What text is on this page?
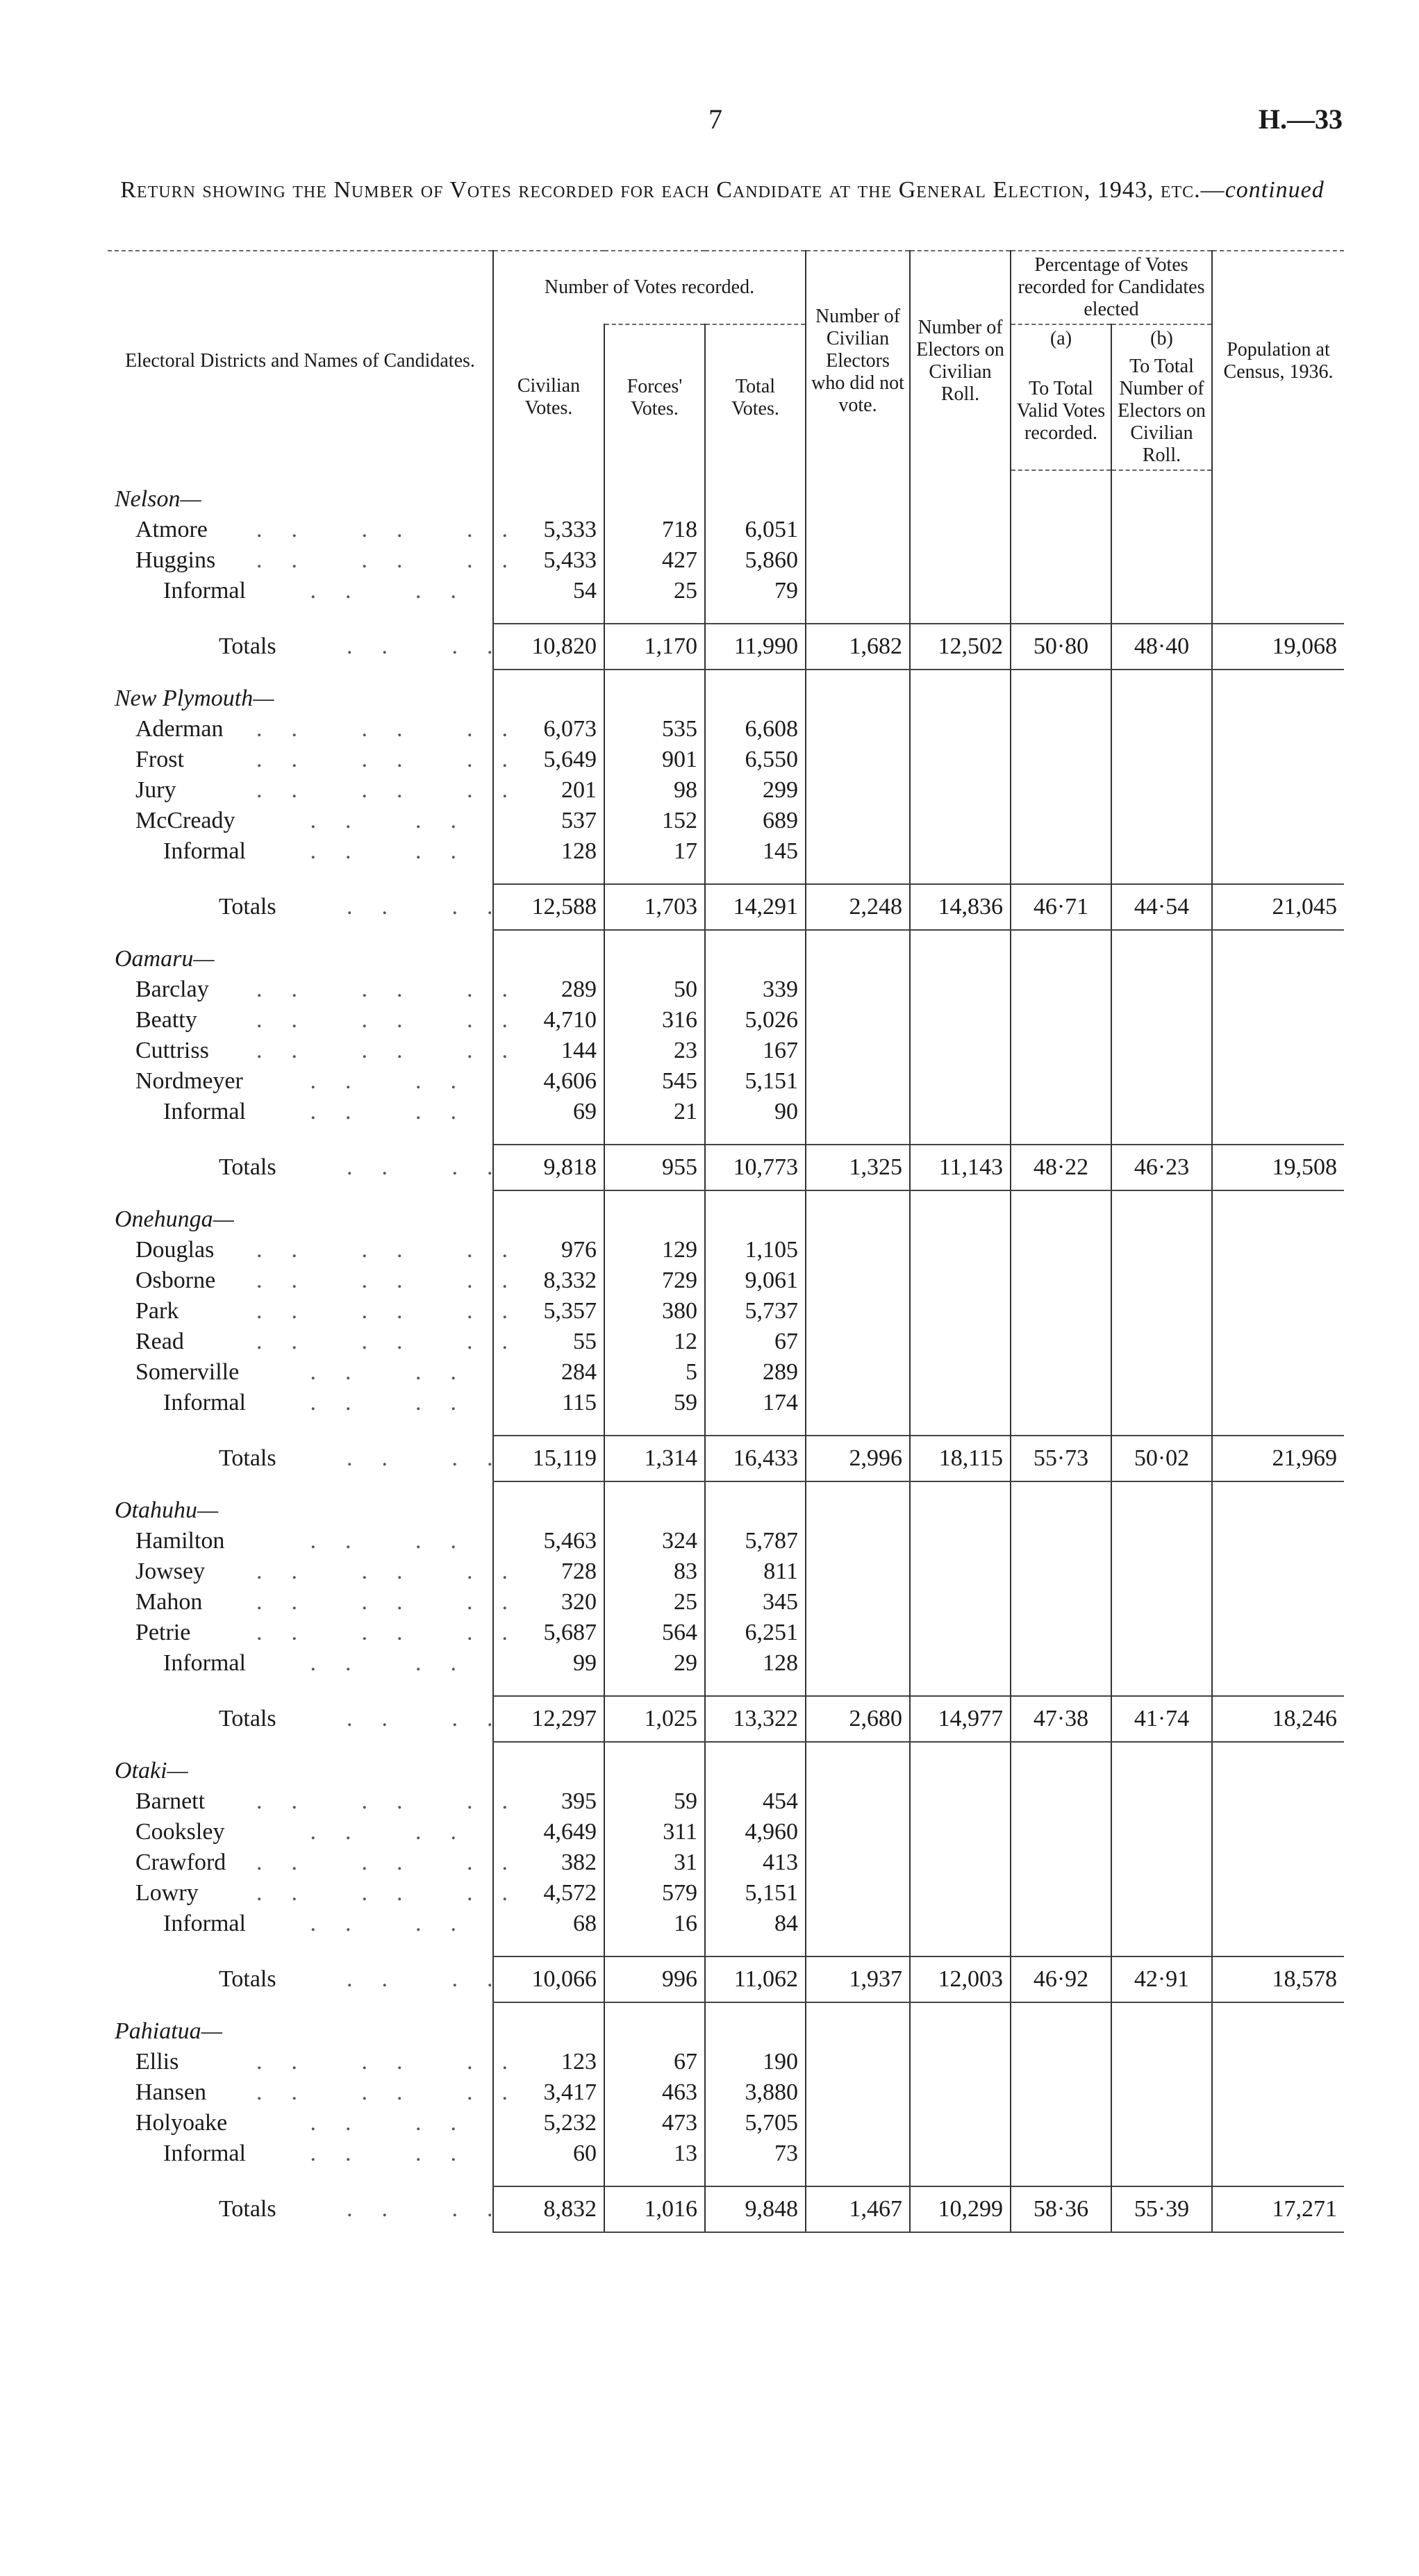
7	H.—33
Return showing the Number of Votes recorded for each Candidate at the General Election, 1943, etc.—continued
Electoral Districts and Names of Candidates.	Number of Votes recorded.			Number of Civilian Electors who did not vote.	Number of Electors on Civilian Roll.	Percentage of Votes recorded for Candidates elected		Population at Census, 1936.
	Civilian Votes.	Forces' Votes.	Total Votes.			(a)	(b)	
						To Total Valid Votes recorded.	To Total Number of Electors on Civilian Roll.	
Nelson—								
Atmore .. .. ..	5,333	718	6,051					
Huggins .. .. ..	5,433	427	5,860					
Informal .. ..	54	25	79					

Totals .. ..	10,820	1,170	11,990	1,682	12,502	50·80	48·40	19,068
New Plymouth—								
Aderman .. .. ..	6,073	535	6,608					
Frost .. .. ..	5,649	901	6,550					
Jury .. .. ..	201	98	299					
McCready .. ..	537	152	689					
Informal .. ..	128	17	145					

Totals .. ..	12,588	1,703	14,291	2,248	14,836	46·71	44·54	21,045
Oamaru—								
Barclay .. .. ..	289	50	339					
Beatty .. .. ..	4,710	316	5,026					
Cuttriss .. .. ..	144	23	167					
Nordmeyer .. ..	4,606	545	5,151					
Informal .. ..	69	21	90					

Totals .. ..	9,818	955	10,773	1,325	11,143	48·22	46·23	19,508
Onehunga—								
Douglas .. .. ..	976	129	1,105					
Osborne .. .. ..	8,332	729	9,061					
Park .. .. ..	5,357	380	5,737					
Read .. .. ..	55	12	67					
Somerville .. ..	284	5	289					
Informal .. ..	115	59	174					

Totals .. ..	15,119	1,314	16,433	2,996	18,115	55·73	50·02	21,969
Otahuhu—								
Hamilton .. ..	5,463	324	5,787					
Jowsey .. .. ..	728	83	811					
Mahon .. .. ..	320	25	345					
Petrie .. .. ..	5,687	564	6,251					
Informal .. ..	99	29	128					

Totals .. ..	12,297	1,025	13,322	2,680	14,977	47·38	41·74	18,246
Otaki—								
Barnett .. .. ..	395	59	454					
Cooksley .. ..	4,649	311	4,960					
Crawford .. .. ..	382	31	413					
Lowry .. .. ..	4,572	579	5,151					
Informal .. ..	68	16	84					

Totals .. ..	10,066	996	11,062	1,937	12,003	46·92	42·91	18,578
Pahiatua—								
Ellis .. .. ..	123	67	190					
Hansen .. .. ..	3,417	463	3,880					
Holyoake .. ..	5,232	473	5,705					
Informal .. ..	60	13	73					

Totals .. ..	8,832	1,016	9,848	1,467	10,299	58·36	55·39	17,271
